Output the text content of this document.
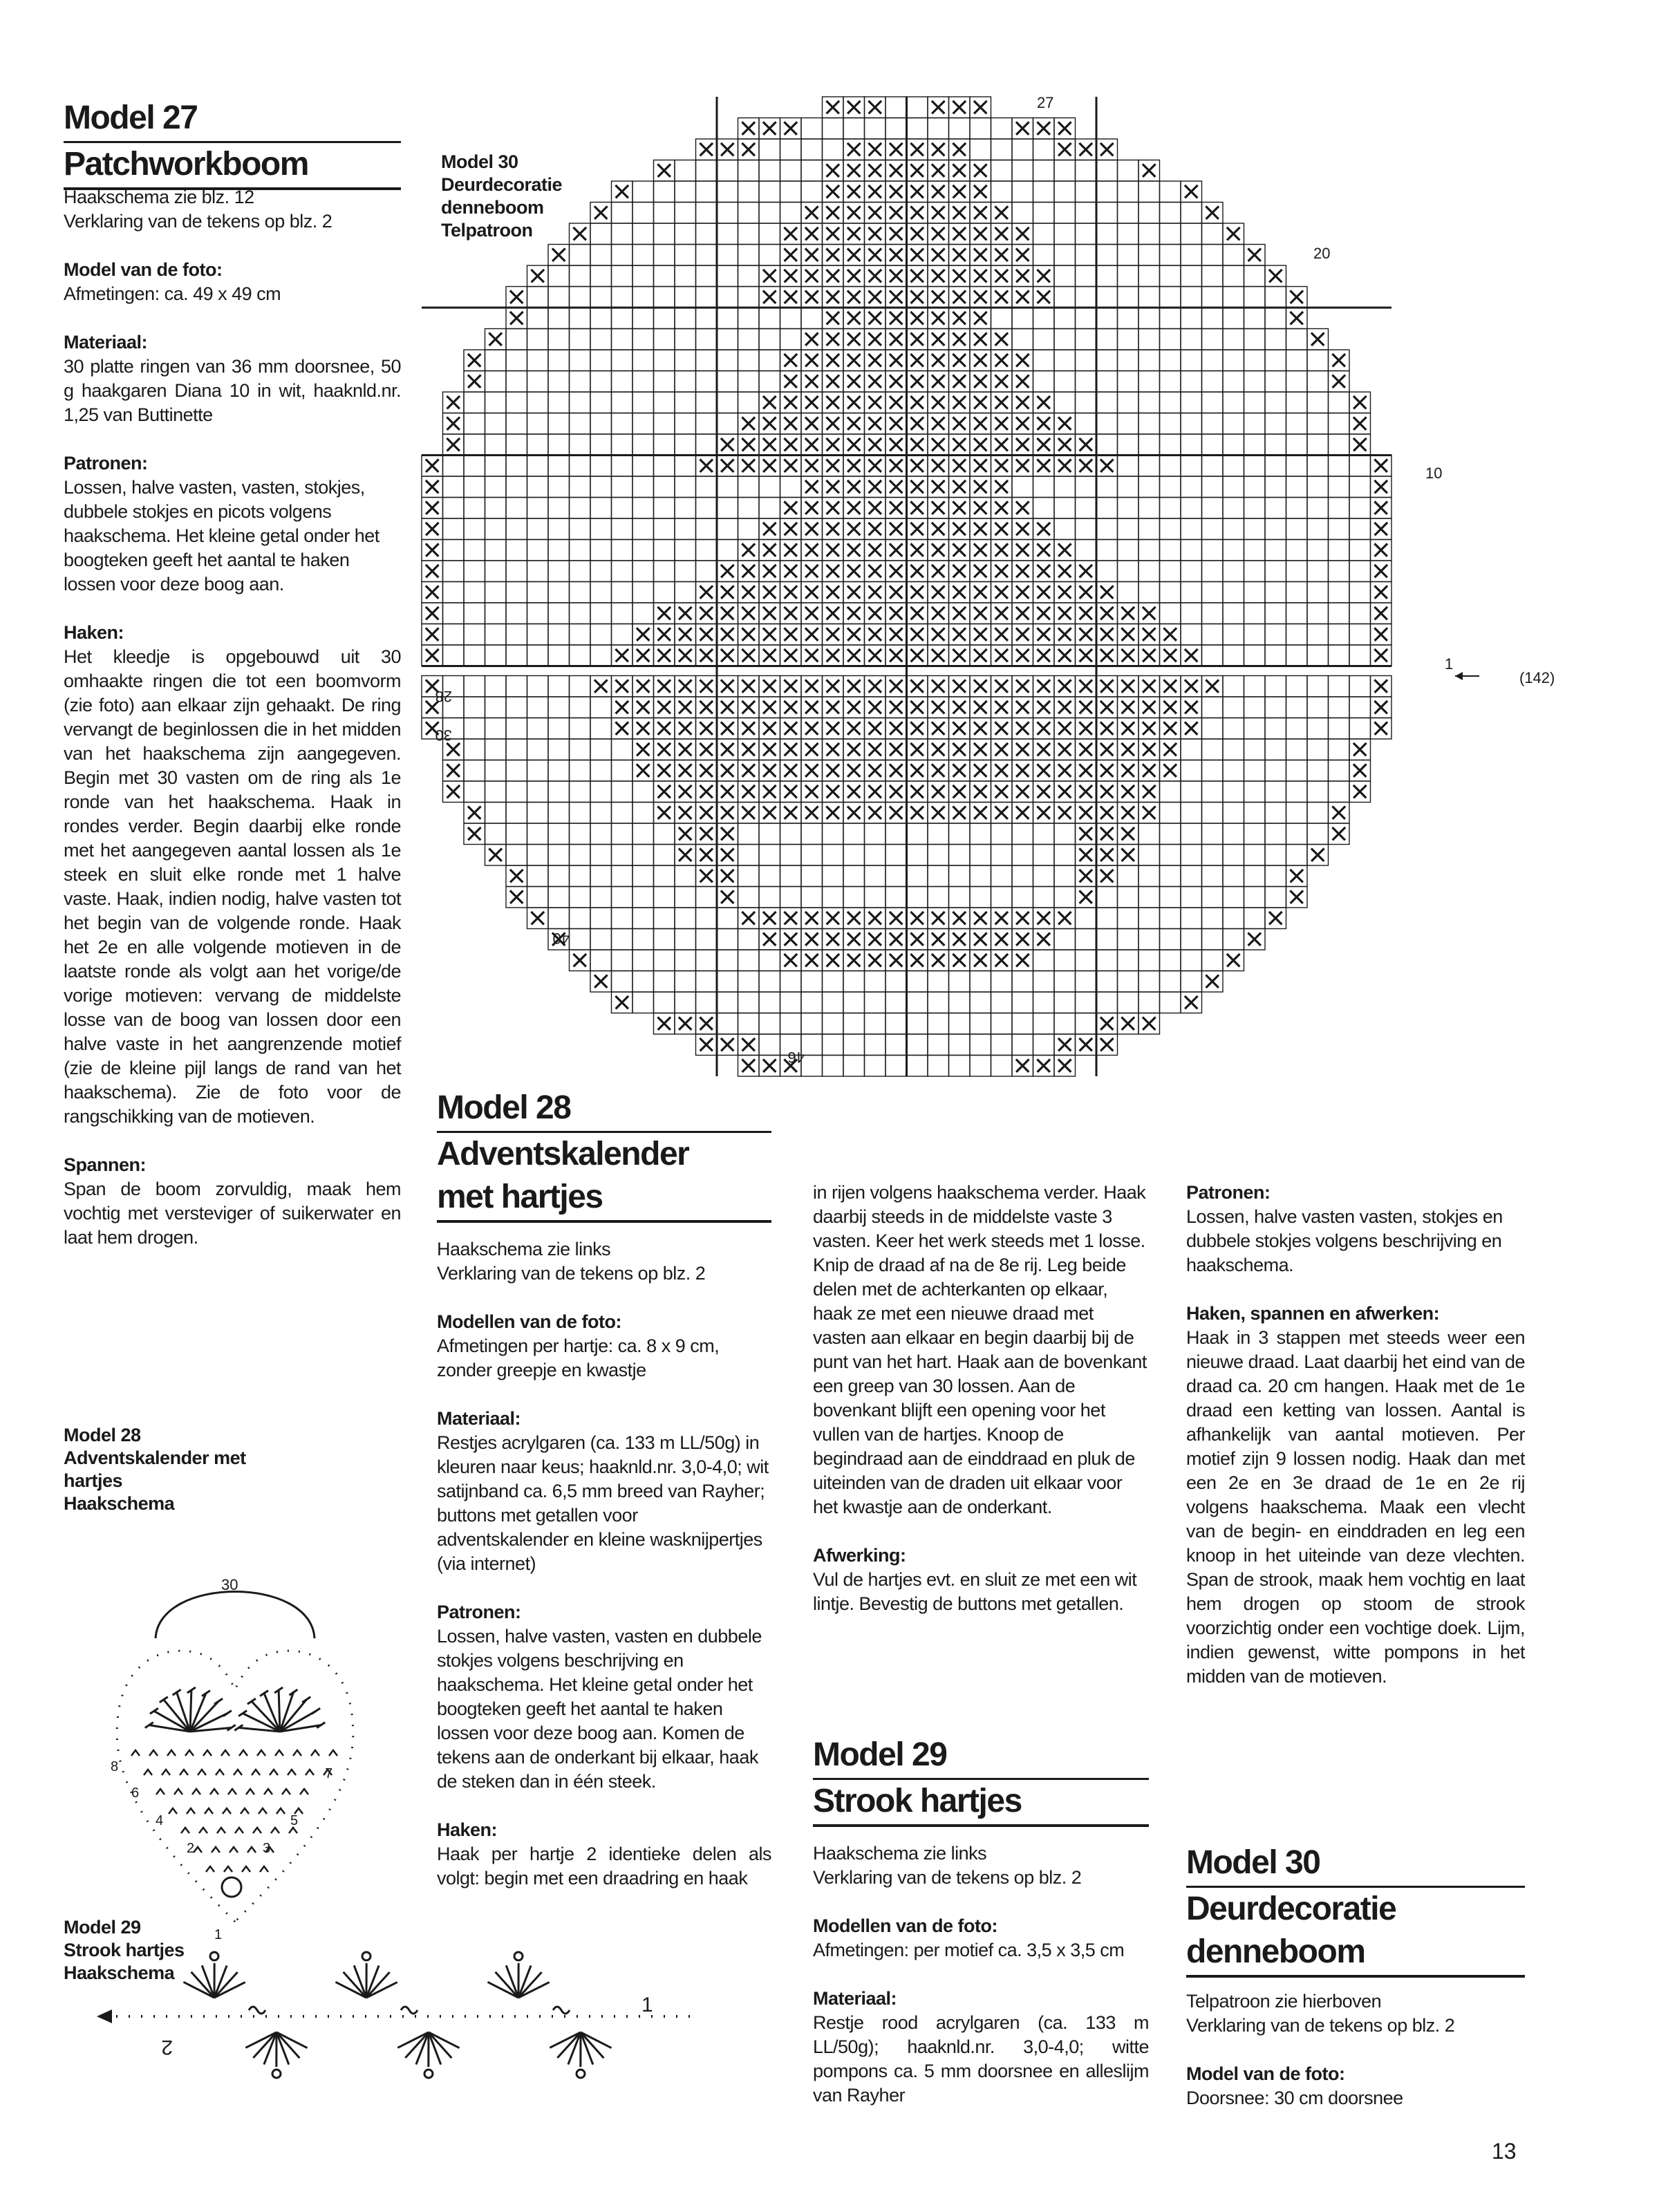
Model 27
Patchworkboom

Haakschema zie blz. 12

Verklaring van de tekens op blz. 2

Model van de foto:

Afmetingen: ca. 49 x 49 cm

Materiaal:

30 platte ringen van 36 mm doorsnee, 50 g haakgaren Diana 10 in wit, haaknld.nr. 1,25 van Buttinette

Patronen:

Lossen, halve vasten, vasten, stokjes, dubbele stokjes en picots volgens haakschema. Het kleine getal onder het boogteken geeft het aantal te haken lossen voor deze boog aan.

Haken:

Het kleedje is opgebouwd uit 30 omhaakte ringen die tot een boomvorm (zie foto) aan elkaar zijn gehaakt. De ring vervangt de beginlossen die in het midden van het haakschema zijn aangegeven. Begin met 30 vasten om de ring als 1e ronde van het haakschema. Haak in rondes verder. Begin daarbij elke ronde met het aangegeven aantal lossen als 1e steek en sluit elke ronde met 1 halve vaste. Haak, indien nodig, halve vasten tot het begin van de volgende ronde. Haak het 2e en alle volgende motieven in de laatste ronde als volgt aan het vorige/de vorige motieven: vervang de middelste losse van de boog van lossen door een halve vaste in het aangrenzende motief (zie de kleine pijl langs de rand van het haakschema). Zie de foto voor de rangschikking van de motieven.

Spannen:

Span de boom zorvuldig, maak hem vochtig met versteviger of suikerwater en laat hem drogen.

Model 30
Deurdecoratie
denneboom
Telpatroon
27
20
10
1
(142)
28
30
40
46
Model 28
Adventskalender met
hartjes
Haakschema
30
8	7
6
5
4
3
2
1
Model 29
Strook hartjes
Haakschema
1
2
Model 28
Adventskalender
met hartjes

Haakschema zie links

Verklaring van de tekens op blz. 2

Modellen van de foto:

Afmetingen per hartje: ca. 8 x 9 cm, zonder greepje en kwastje

Materiaal:

Restjes acrylgaren (ca. 133 m LL/50g) in kleuren naar keus; haaknld.nr. 3,0-4,0; wit satijnband ca. 6,5 mm breed van Rayher; buttons met getallen voor adventskalender en kleine wasknijpertjes (via internet)

Patronen:

Lossen, halve vasten, vasten en dubbele stokjes volgens beschrijving en haakschema. Het kleine getal onder het boogteken geeft het aantal te haken lossen voor deze boog aan. Komen de tekens aan de onderkant bij elkaar, haak de steken dan in één steek.

Haken:

Haak per hartje 2 identieke delen als volgt: begin met een draadring en haak

in rijen volgens haakschema verder. Haak daarbij steeds in de middelste vaste 3 vasten. Keer het werk steeds met 1 losse. Knip de draad af na de 8e rij. Leg beide delen met de achterkanten op elkaar, haak ze met een nieuwe draad met vasten aan elkaar en begin daarbij bij de punt van het hart. Haak aan de bovenkant een greep van 30 lossen. Aan de bovenkant blijft een opening voor het vullen van de hartjes. Knoop de begindraad aan de einddraad en pluk de uiteinden van de draden uit elkaar voor het kwastje aan de onderkant.

Afwerking:

Vul de hartjes evt. en sluit ze met een wit lintje. Bevestig de buttons met getallen.

Model 29
Strook hartjes

Haakschema zie links

Verklaring van de tekens op blz. 2

Modellen van de foto:

Afmetingen: per motief ca. 3,5 x 3,5 cm

Materiaal:

Restje rood acrylgaren (ca. 133 m LL/50g); haaknld.nr. 3,0-4,0; witte pompons ca. 5 mm doorsnee en alleslijm van Rayher

Patronen:

Lossen, halve vasten vasten, stokjes en dubbele stokjes volgens beschrijving en haakschema.

Haken, spannen en afwerken:

Haak in 3 stappen met steeds weer een nieuwe draad. Laat daarbij het eind van de draad ca. 20 cm hangen. Haak met de 1e draad een ketting van lossen. Aantal is afhankelijk van aantal motieven. Per motief zijn 9 lossen nodig. Haak dan met een 2e en 3e draad de 1e en 2e rij volgens haakschema. Maak een vlecht van de begin- en einddraden en leg een knoop in het uiteinde van deze vlechten. Span de strook, maak hem vochtig en laat hem drogen op stoom de strook voorzichtig onder een vochtige doek. Lijm, indien gewenst, witte pompons in het midden van de motieven.

Model 30
Deurdecoratie
denneboom

Telpatroon zie hierboven

Verklaring van de tekens op blz. 2

Model van de foto:

Doorsnee: 30 cm doorsnee

13
